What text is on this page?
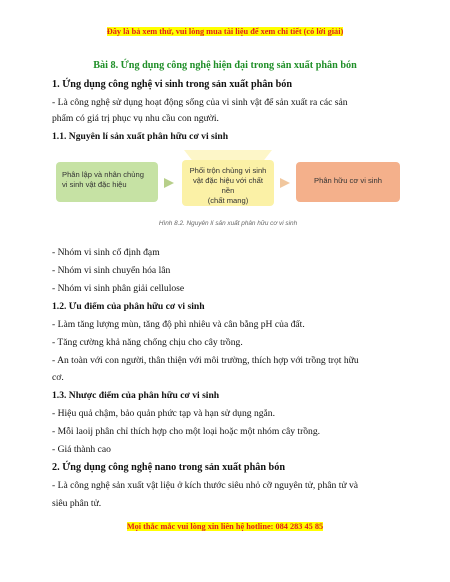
Đây là bả xem thử, vui lòng mua tài liệu để xem chi tiết (có lời giải)
Bài 8. Ứng dụng công nghệ hiện đại trong sản xuất phân bón
1. Ứng dụng công nghệ vi sinh trong sản xuất phân bón
- Là công nghệ sử dụng hoạt động sống của vi sinh vật để sản xuất ra các sản
phẩm có giá trị phục vụ nhu cầu con người.
1.1. Nguyên lí sản xuất phân hữu cơ vi sinh
Phân lập và nhân chủng
vi sinh vật đặc hiệu
Phối trộn chủng vi sinh
vật đặc hiệu với chất nền
(chất mang)
Phân hữu cơ vi sinh
Hình 8.2. Nguyên lí sản xuất phân hữu cơ vi sinh
- Nhóm vi sinh cố định đạm
- Nhóm vi sinh chuyển hóa lân
- Nhóm vi sinh phân giải cellulose
1.2. Ưu điểm của phân hữu cơ vi sinh
- Làm tăng lượng mùn, tăng độ phì nhiêu và cân bằng pH của đất.
- Tăng cường khả năng chống chịu cho cây trồng.
- An toàn với con người, thân thiện với môi trường, thích hợp với trồng trọt hữu
cơ.
1.3. Nhược điểm của phân hữu cơ vi sinh
- Hiệu quả chậm, bảo quản phức tạp và hạn sử dụng ngắn.
- Mỗi laoij phân chỉ thích hợp cho một loại hoặc một nhóm cây trồng.
- Giá thành cao
2. Ứng dụng công nghệ nano trong sản xuất phân bón
- Là công nghệ sản xuất vật liệu ở kích thước siêu nhỏ cỡ nguyên tử, phân tử và
siêu phân tử.
Mọi thắc mắc vui lòng xin liên hệ hotline: 084 283 45 85
